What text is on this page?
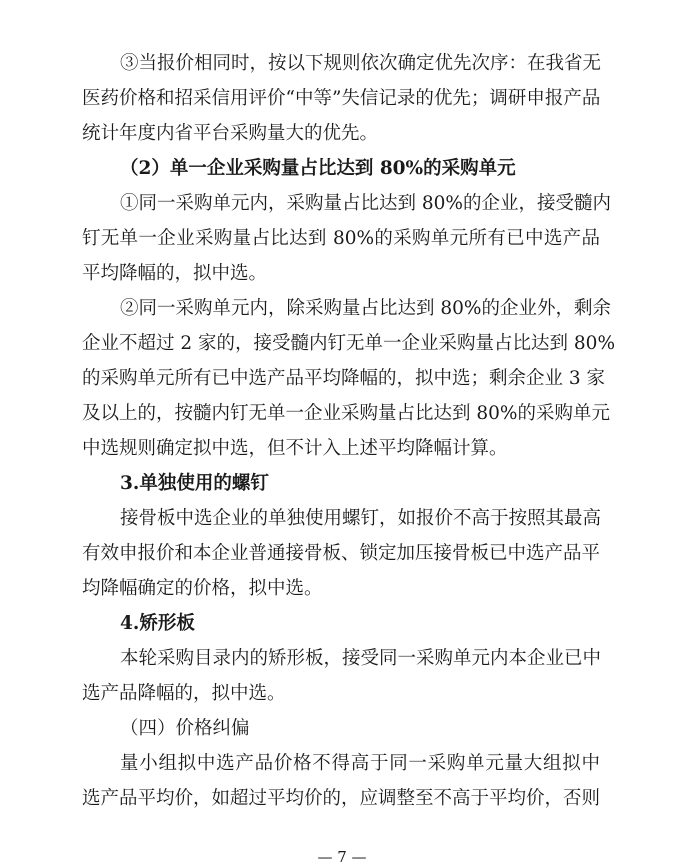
③当报价相同时，按以下规则依次确定优先次序：在我省无
医药价格和招采信用评价“中等”失信记录的优先；调研申报产品
统计年度内省平台采购量大的优先。
（2）单一企业采购量占比达到 80%的采购单元
①同一采购单元内，采购量占比达到 80%的企业，接受髓内
钉无单一企业采购量占比达到 80%的采购单元所有已中选产品
平均降幅的，拟中选。
②同一采购单元内，除采购量占比达到 80%的企业外，剩余
企业不超过 2 家的，接受髓内钉无单一企业采购量占比达到 80%
的采购单元所有已中选产品平均降幅的，拟中选；剩余企业 3 家
及以上的，按髓内钉无单一企业采购量占比达到 80%的采购单元
中选规则确定拟中选，但不计入上述平均降幅计算。
3.单独使用的螺钉
接骨板中选企业的单独使用螺钉，如报价不高于按照其最高
有效申报价和本企业普通接骨板、锁定加压接骨板已中选产品平
均降幅确定的价格，拟中选。
4.矫形板
本轮采购目录内的矫形板，接受同一采购单元内本企业已中
选产品降幅的，拟中选。
（四）价格纠偏
量小组拟中选产品价格不得高于同一采购单元量大组拟中
选产品平均价，如超过平均价的，应调整至不高于平均价，否则
— 7 —
